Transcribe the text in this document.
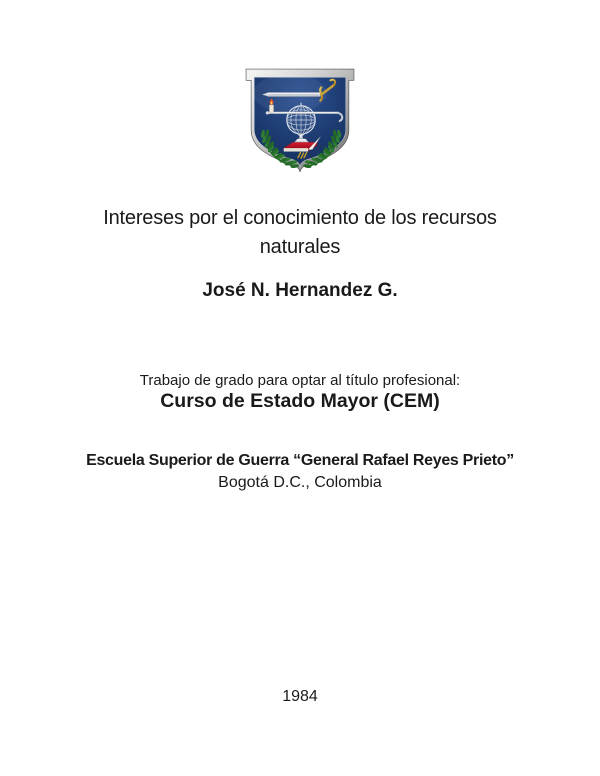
Intereses por el conocimiento de los recursos
naturales
José N. Hernandez G.
Trabajo de grado para optar al título profesional:
Curso de Estado Mayor (CEM)
Escuela Superior de Guerra “General Rafael Reyes Prieto”
Bogotá D.C., Colombia
1984
